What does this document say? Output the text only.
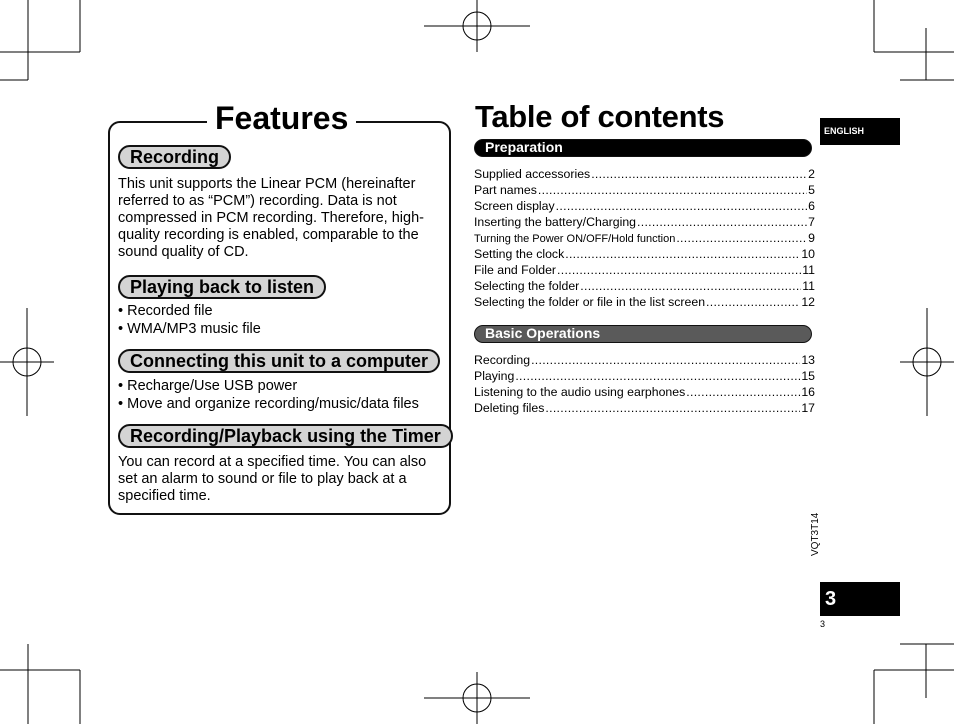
Features
Recording
This unit supports the Linear PCM (hereinafter referred to as “PCM”) recording. Data is not compressed in PCM recording. Therefore, high-quality recording is enabled, comparable to the sound quality of CD.
Playing back to listen
• Recorded file
• WMA/MP3 music file
Connecting this unit to a computer
• Recharge/Use USB power
• Move and organize recording/music/data files
Recording/Playback using the Timer
You can record at a specified time. You can also set an alarm to sound or file to play back at a specified time.
Table of contents
Preparation
Supplied accessories .....	2
Part names .....	5
Screen display .....	6
Inserting the battery/Charging .....	7
Turning the Power ON/OFF/Hold function .....	9
Setting the clock .....	10
File and Folder .....	11
Selecting the folder .....	11
Selecting the folder or file in the list screen .....	12
Basic Operations
Recording .....	13
Playing .....	15
Listening to the audio using earphones .....	16
Deleting files .....	17
ENGLISH
VQT3T14
3
3
